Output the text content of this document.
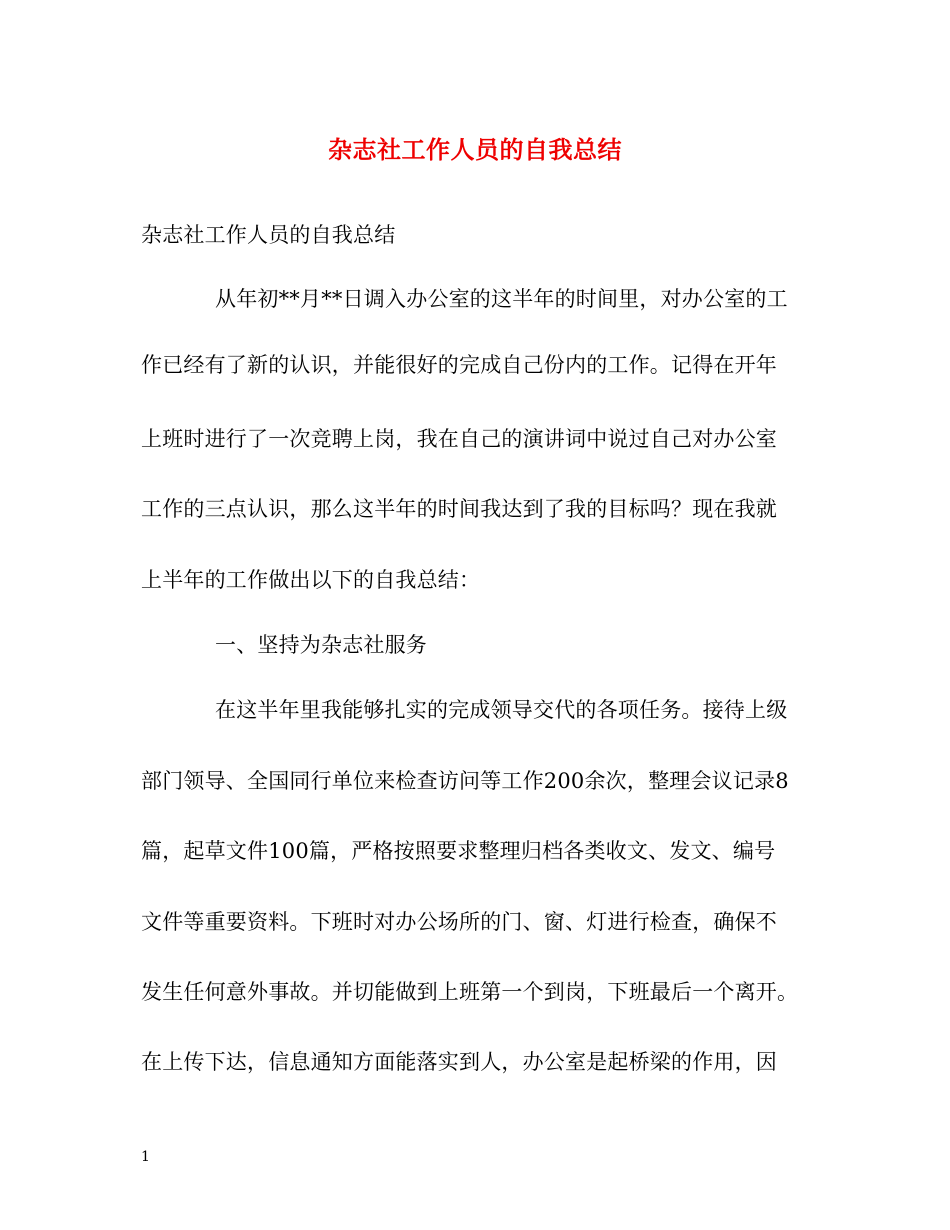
杂志社工作人员的自我总结
杂志社工作人员的自我总结
从年初**月**日调入办公室的这半年的时间里，对办公室的工
作已经有了新的认识，并能很好的完成自己份内的工作。记得在开年
上班时进行了一次竞聘上岗，我在自己的演讲词中说过自己对办公室
工作的三点认识，那么这半年的时间我达到了我的目标吗？现在我就
上半年的工作做出以下的自我总结：
一、坚持为杂志社服务
在这半年里我能够扎实的完成领导交代的各项任务。接待上级
部门领导、全国同行单位来检查访问等工作200余次，整理会议记录8
篇，起草文件100篇，严格按照要求整理归档各类收文、发文、编号
文件等重要资料。下班时对办公场所的门、窗、灯进行检查，确保不
发生任何意外事故。并切能做到上班第一个到岗，下班最后一个离开。
在上传下达，信息通知方面能落实到人，办公室是起桥梁的作用，因
1
